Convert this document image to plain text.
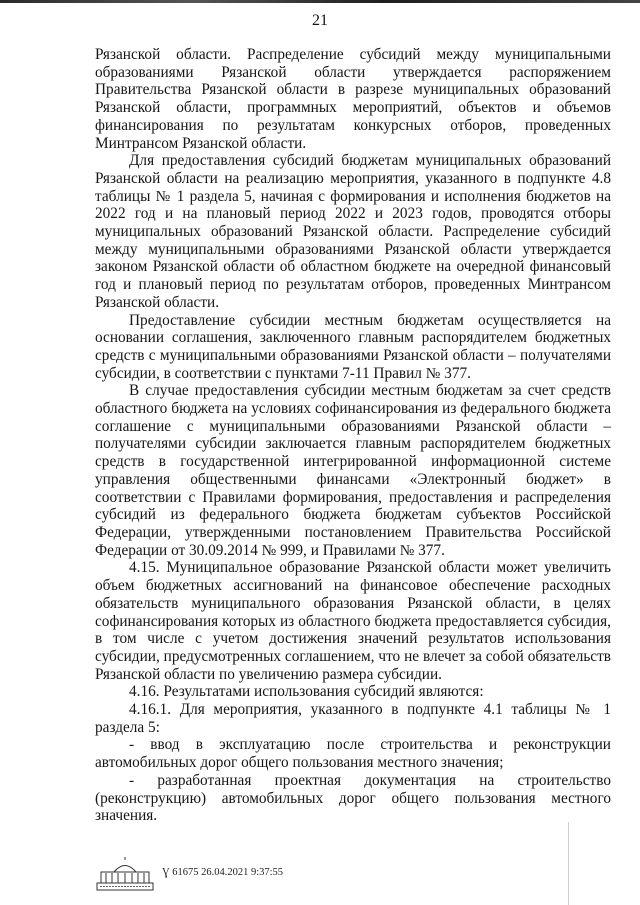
21

Рязанской области. Распределение субсидий между муниципальными образованиями Рязанской области утверждается распоряжением Правительства Рязанской области в разрезе муниципальных образований Рязанской области, программных мероприятий, объектов и объемов финансирования по результатам конкурсных отборов, проведенных Минтрансом Рязанской области.

Для предоставления субсидий бюджетам муниципальных образований Рязанской области на реализацию мероприятия, указанного в подпункте 4.8 таблицы № 1 раздела 5, начиная с формирования и исполнения бюджетов на 2022 год и на плановый период 2022 и 2023 годов, проводятся отборы муниципальных образований Рязанской области. Распределение субсидий между муниципальными образованиями Рязанской области утверждается законом Рязанской области об областном бюджете на очередной финансовый год и плановый период по результатам отборов, проведенных Минтрансом Рязанской области.

Предоставление субсидии местным бюджетам осуществляется на основании соглашения, заключенного главным распорядителем бюджетных средств с муниципальными образованиями Рязанской области – получателями субсидии, в соответствии с пунктами 7-11 Правил № 377.

В случае предоставления субсидии местным бюджетам за счет средств областного бюджета на условиях софинансирования из федерального бюджета соглашение с муниципальными образованиями Рязанской области – получателями субсидии заключается главным распорядителем бюджетных средств в государственной интегрированной информационной системе управления общественными финансами «Электронный бюджет» в соответствии с Правилами формирования, предоставления и распределения субсидий из федерального бюджета бюджетам субъектов Российской Федерации, утвержденными постановлением Правительства Российской Федерации от 30.09.2014 № 999, и Правилами № 377.

4.15. Муниципальное образование Рязанской области может увеличить объем бюджетных ассигнований на финансовое обеспечение расходных обязательств муниципального образования Рязанской области, в целях софинансирования которых из областного бюджета предоставляется субсидия, в том числе с учетом достижения значений результатов использования субсидии, предусмотренных соглашением, что не влечет за собой обязательств Рязанской области по увеличению размера субсидии.

4.16. Результатами использования субсидий являются:

4.16.1. Для мероприятия, указанного в подпункте 4.1 таблицы № 1 раздела 5:

- ввод в эксплуатацию после строительства и реконструкции автомобильных дорог общего пользования местного значения;

- разработанная проектная документация на строительство (реконструкцию) автомобильных дорог общего пользования местного значения.

Ɣ 61675 26.04.2021 9:37:55
